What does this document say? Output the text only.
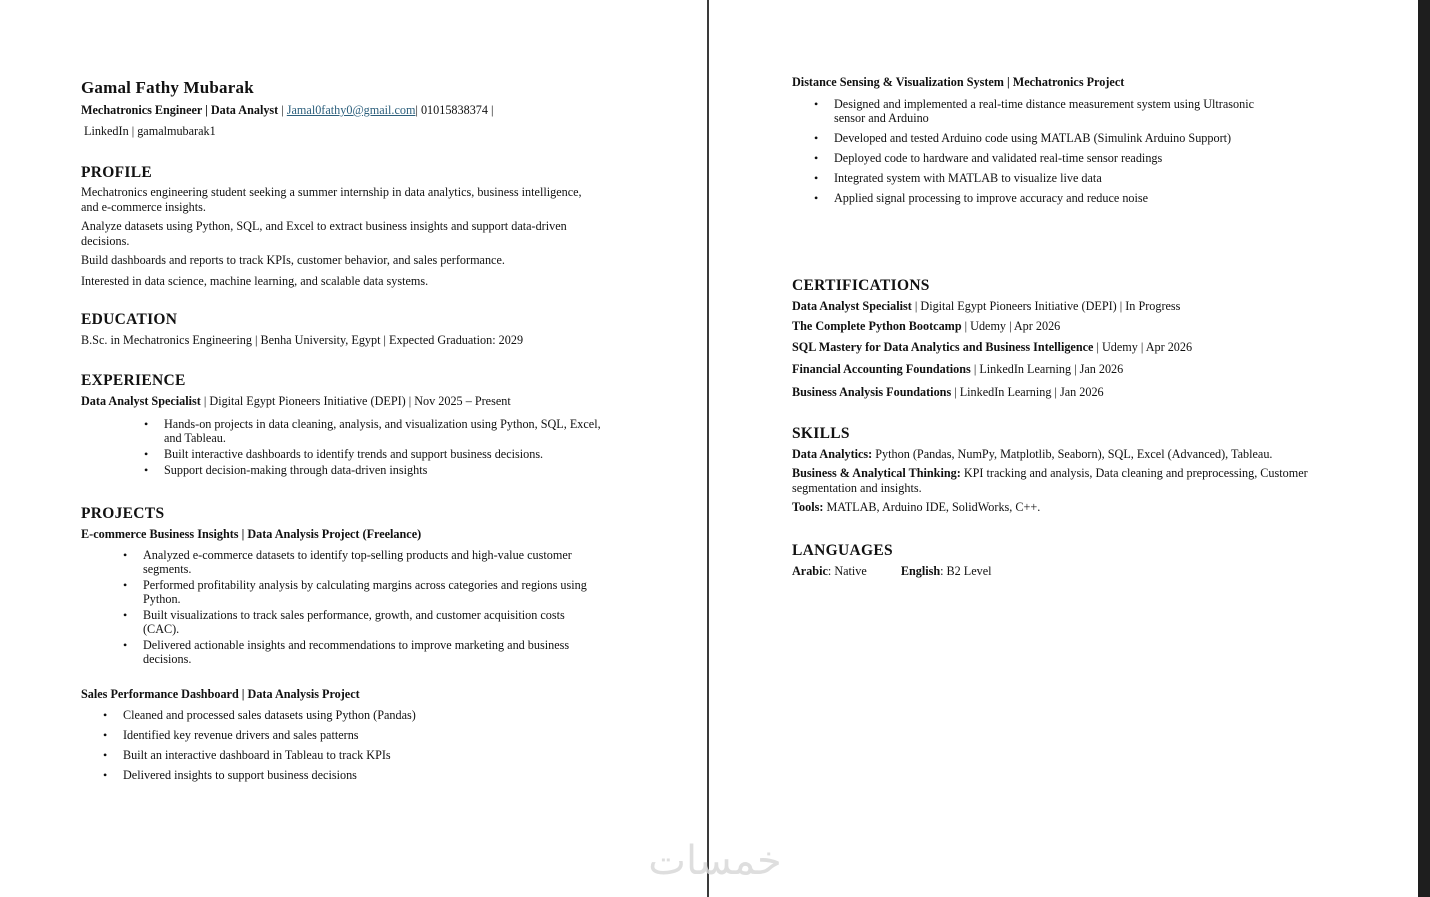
Gamal Fathy Mubarak
Mechatronics Engineer | Data Analyst | Jamal0fathy0@gmail.com| 01015838374 |
LinkedIn | gamalmubarak1
PROFILE

Mechatronics engineering student seeking a summer internship in data analytics, business intelligence, and e-commerce insights.

Analyze datasets using Python, SQL, and Excel to extract business insights and support data-driven decisions.

Build dashboards and reports to track KPIs, customer behavior, and sales performance.

Interested in data science, machine learning, and scalable data systems.

EDUCATION

B.Sc. in Mechatronics Engineering | Benha University, Egypt | Expected Graduation: 2029

EXPERIENCE

Data Analyst Specialist | Digital Egypt Pioneers Initiative (DEPI) | Nov 2025 – Present

• Hands-on projects in data cleaning, analysis, and visualization using Python, SQL, Excel, and Tableau.
• Built interactive dashboards to identify trends and support business decisions.
• Support decision-making through data-driven insights
PROJECTS

E-commerce Business Insights | Data Analysis Project (Freelance)

• Analyzed e-commerce datasets to identify top-selling products and high-value customer segments.
• Performed profitability analysis by calculating margins across categories and regions using Python.
• Built visualizations to track sales performance, growth, and customer acquisition costs (CAC).
• Delivered actionable insights and recommendations to improve marketing and business decisions.

Sales Performance Dashboard | Data Analysis Project

• Cleaned and processed sales datasets using Python (Pandas)
• Identified key revenue drivers and sales patterns
• Built an interactive dashboard in Tableau to track KPIs
• Delivered insights to support business decisions

Distance Sensing & Visualization System | Mechatronics Project

• Designed and implemented a real-time distance measurement system using Ultrasonic sensor and Arduino
• Developed and tested Arduino code using MATLAB (Simulink Arduino Support)
• Deployed code to hardware and validated real-time sensor readings
• Integrated system with MATLAB to visualize live data
• Applied signal processing to improve accuracy and reduce noise
CERTIFICATIONS

Data Analyst Specialist | Digital Egypt Pioneers Initiative (DEPI) | In Progress

The Complete Python Bootcamp | Udemy | Apr 2026

SQL Mastery for Data Analytics and Business Intelligence | Udemy | Apr 2026

Financial Accounting Foundations | LinkedIn Learning | Jan 2026

Business Analysis Foundations | LinkedIn Learning | Jan 2026

SKILLS

Data Analytics: Python (Pandas, NumPy, Matplotlib, Seaborn), SQL, Excel (Advanced), Tableau.

Business & Analytical Thinking: KPI tracking and analysis, Data cleaning and preprocessing, Customer segmentation and insights.

Tools: MATLAB, Arduino IDE, SolidWorks, C++.

LANGUAGES

Arabic: Native	English: B2 Level

خمسات
